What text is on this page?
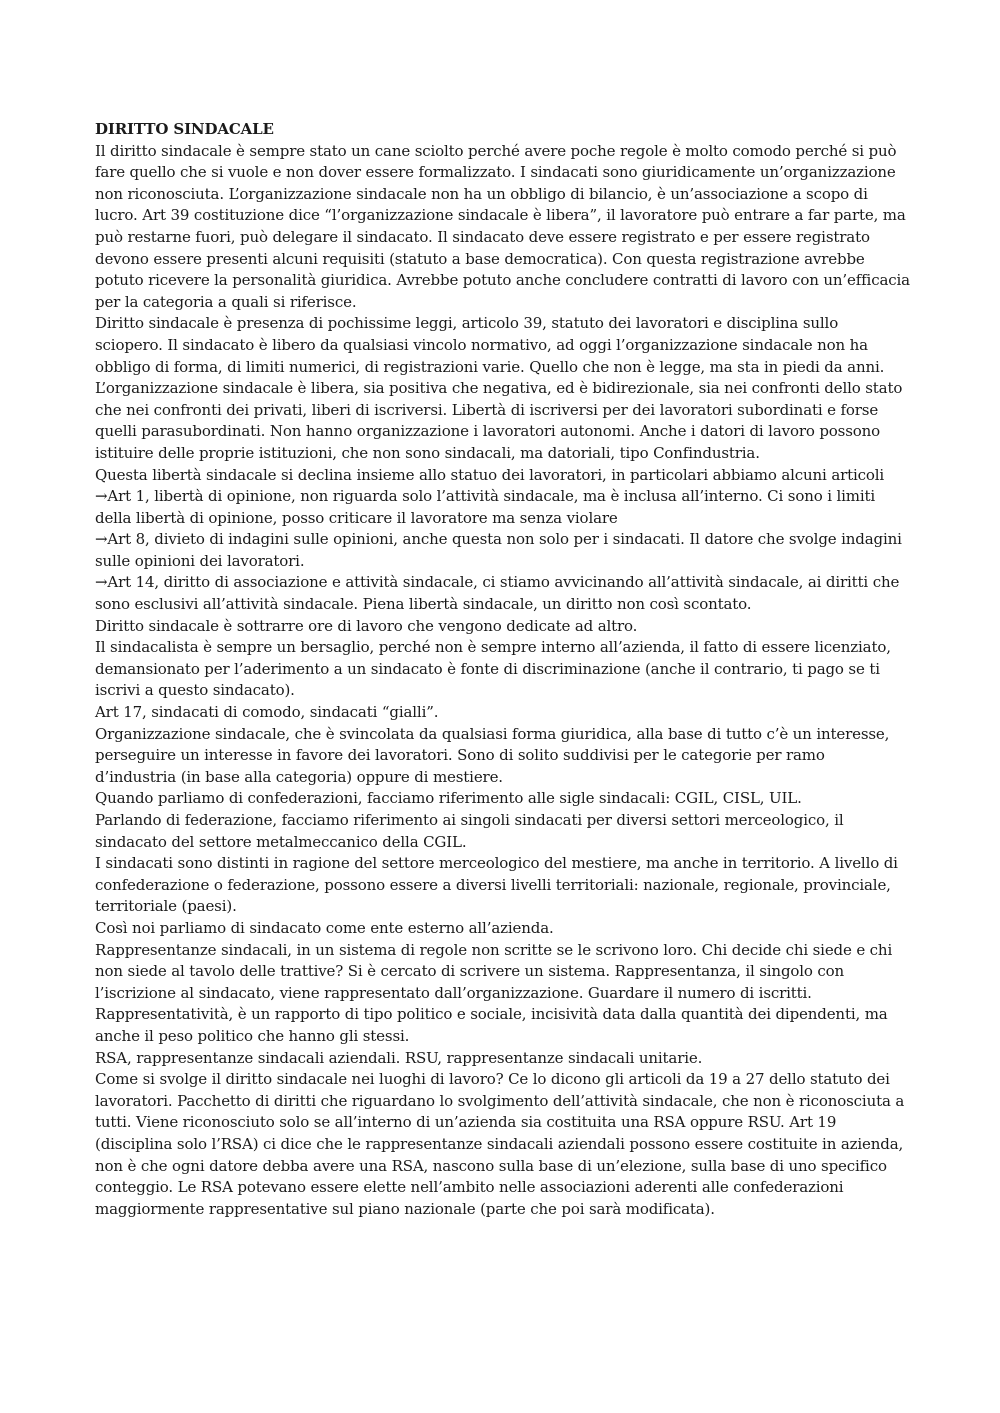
DIRITTO SINDACALE

Il diritto sindacale è sempre stato un cane sciolto perché avere poche regole è molto comodo perché si può fare quello che si vuole e non dover essere formalizzato. I sindacati sono giuridicamente un’organizzazione non riconosciuta. L’organizzazione sindacale non ha un obbligo di bilancio, è un’associazione a scopo di lucro. Art 39 costituzione dice “l’organizzazione sindacale è libera”, il lavoratore può entrare a far parte, ma può restarne fuori, può delegare il sindacato. Il sindacato deve essere registrato e per essere registrato devono essere presenti alcuni requisiti (statuto a base democratica). Con questa registrazione avrebbe potuto ricevere la personalità giuridica. Avrebbe potuto anche concludere contratti di lavoro con un’efficacia per la categoria a quali si riferisce.

Diritto sindacale è presenza di pochissime leggi, articolo 39, statuto dei lavoratori e disciplina sullo sciopero. Il sindacato è libero da qualsiasi vincolo normativo, ad oggi l’organizzazione sindacale non ha obbligo di forma, di limiti numerici, di registrazioni varie. Quello che non è legge, ma sta in piedi da anni.

L’organizzazione sindacale è libera, sia positiva che negativa, ed è bidirezionale, sia nei confronti dello stato che nei confronti dei privati, liberi di iscriversi. Libertà di iscriversi per dei lavoratori subordinati e forse quelli parasubordinati. Non hanno organizzazione i lavoratori autonomi. Anche i datori di lavoro possono istituire delle proprie istituzioni, che non sono sindacali, ma datoriali, tipo Confindustria.

Questa libertà sindacale si declina insieme allo statuo dei lavoratori, in particolari abbiamo alcuni articoli →Art 1, libertà di opinione, non riguarda solo l’attività sindacale, ma è inclusa all’interno. Ci sono i limiti della libertà di opinione, posso criticare il lavoratore ma senza violare

→Art 8, divieto di indagini sulle opinioni, anche questa non solo per i sindacati. Il datore che svolge indagini sulle opinioni dei lavoratori.

→Art 14, diritto di associazione e attività sindacale, ci stiamo avvicinando all’attività sindacale, ai diritti che sono esclusivi all’attività sindacale. Piena libertà sindacale, un diritto non così scontato.

Diritto sindacale è sottrarre ore di lavoro che vengono dedicate ad altro.

Il sindacalista è sempre un bersaglio, perché non è sempre interno all’azienda, il fatto di essere licenziato, demansionato per l’aderimento a un sindacato è fonte di discriminazione (anche il contrario, ti pago se ti iscrivi a questo sindacato).

Art 17, sindacati di comodo, sindacati “gialli”.

Organizzazione sindacale, che è svincolata da qualsiasi forma giuridica, alla base di tutto c’è un interesse, perseguire un interesse in favore dei lavoratori. Sono di solito suddivisi per le categorie per ramo d’industria (in base alla categoria) oppure di mestiere.

Quando parliamo di confederazioni, facciamo riferimento alle sigle sindacali: CGIL, CISL, UIL.

Parlando di federazione, facciamo riferimento ai singoli sindacati per diversi settori merceologico, il sindacato del settore metalmeccanico della CGIL.

I sindacati sono distinti in ragione del settore merceologico del mestiere, ma anche in territorio. A livello di confederazione o federazione, possono essere a diversi livelli territoriali: nazionale, regionale, provinciale, territoriale (paesi).

Così noi parliamo di sindacato come ente esterno all’azienda.

Rappresentanze sindacali, in un sistema di regole non scritte se le scrivono loro. Chi decide chi siede e chi non siede al tavolo delle trattive? Si è cercato di scrivere un sistema. Rappresentanza, il singolo con l’iscrizione al sindacato, viene rappresentato dall’organizzazione. Guardare il numero di iscritti.

Rappresentatività, è un rapporto di tipo politico e sociale, incisività data dalla quantità dei dipendenti, ma anche il peso politico che hanno gli stessi.

RSA, rappresentanze sindacali aziendali. RSU, rappresentanze sindacali unitarie.

Come si svolge il diritto sindacale nei luoghi di lavoro? Ce lo dicono gli articoli da 19 a 27 dello statuto dei lavoratori. Pacchetto di diritti che riguardano lo svolgimento dell’attività sindacale, che non è riconosciuta a tutti. Viene riconosciuto solo se all’interno di un’azienda sia costituita una RSA oppure RSU. Art 19 (disciplina solo l’RSA) ci dice che le rappresentanze sindacali aziendali possono essere costituite in azienda, non è che ogni datore debba avere una RSA, nascono sulla base di un’elezione, sulla base di uno specifico conteggio. Le RSA potevano essere elette nell’ambito nelle associazioni aderenti alle confederazioni maggiormente rappresentative sul piano nazionale (parte che poi sarà modificata).
